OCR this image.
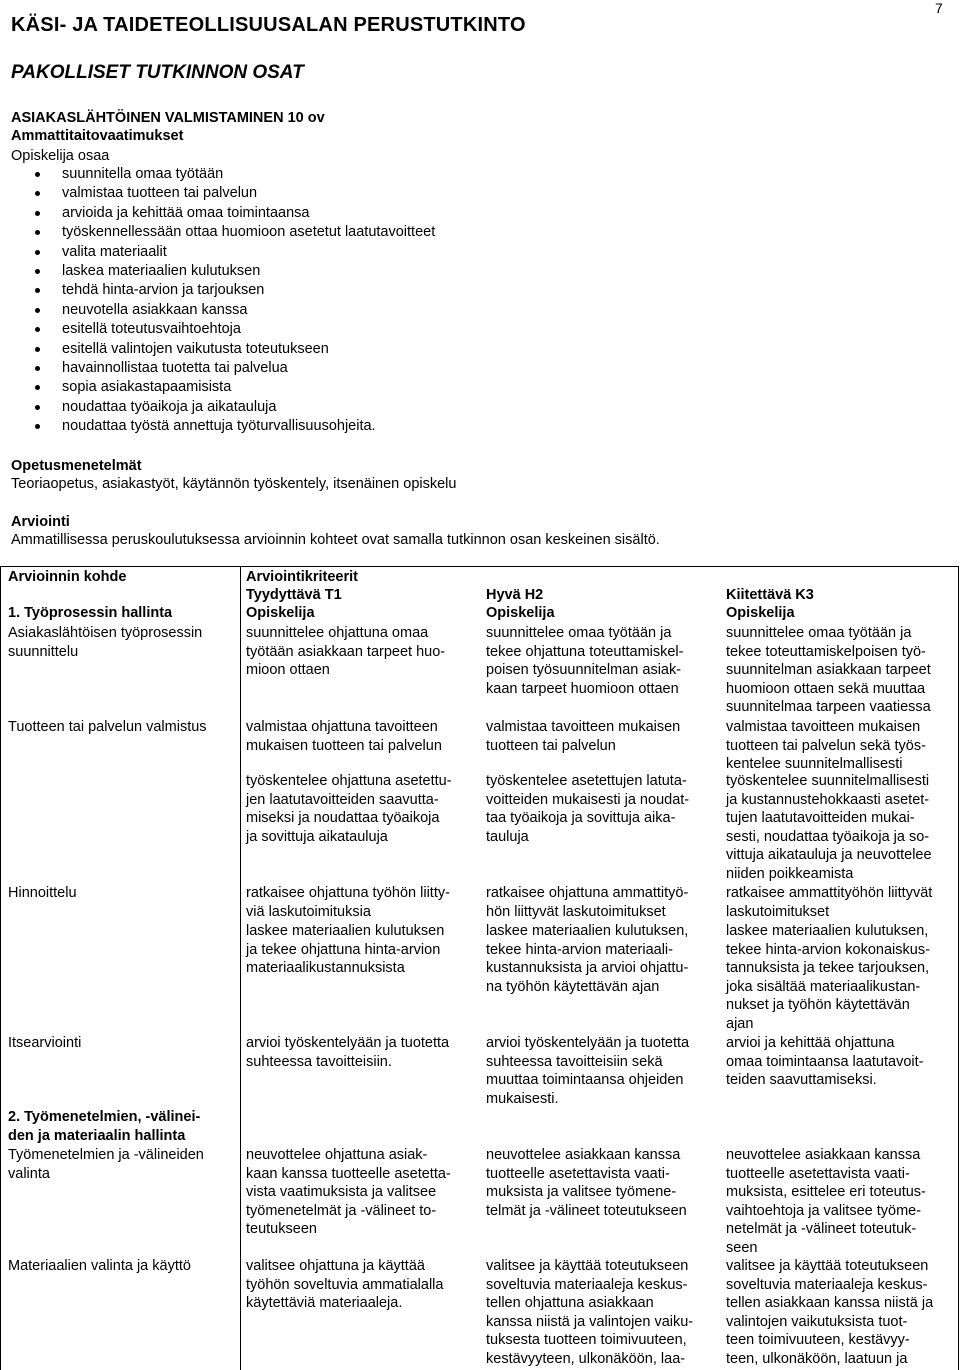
7
KÄSI- JA TAIDETEOLLISUUSALAN PERUSTUTKINTO
PAKOLLISET TUTKINNON OSAT
ASIAKASLÄHTÖINEN VALMISTAMINEN 10 ov
Ammattitaitovaatimukset
Opiskelija osaa
suunnitella omaa työtään
valmistaa tuotteen tai palvelun
arvioida ja kehittää omaa toimintaansa
työskennellessään ottaa huomioon asetetut laatutavoitteet
valita materiaalit
laskea materiaalien kulutuksen
tehdä hinta-arvion ja tarjouksen
neuvotella asiakkaan kanssa
esitellä toteutusvaihtoehtoja
esitellä valintojen vaikutusta toteutukseen
havainnollistaa tuotetta tai palvelua
sopia asiakastapaamisista
noudattaa työaikoja ja aikatauluja
noudattaa työstä annettuja työturvallisuusohjeita.
Opetusmenetelmät
Teoriaopetus, asiakastyöt, käytännön työskentely, itsenäinen opiskelu
Arviointi
Ammatillisessa peruskoulutuksessa arvioinnin kohteet ovat samalla tutkinnon osan keskeinen sisältö.
Arvioinnin kohde	Arviointikriteerit
Tyydyttävä T1
Opiskelija
Hyvä H2
Opiskelija
Kiitettävä K3
Opiskelija
1. Työprosessin hallinta
Asiakaslähtöisen työprosessin
suunnittelu
Tuotteen tai palvelun valmistus
Hinnoittelu
Itsearviointi
2. Työmenetelmien, -välinei-
den ja materiaalin hallinta
Työmenetelmien ja -välineiden
valinta
Materiaalien valinta ja käyttö
suunnittelee ohjattuna omaa
työtään asiakkaan tarpeet huo-
mioon ottaen
valmistaa ohjattuna tavoitteen
mukaisen tuotteen tai palvelun
työskentelee ohjattuna asetettu-
jen laatutavoitteiden saavutta-
miseksi ja noudattaa työaikoja
ja sovittuja aikatauluja
ratkaisee ohjattuna työhön liitty-
viä laskutoimituksia
laskee materiaalien kulutuksen
ja tekee ohjattuna hinta-arvion
materiaalikustannuksista
arvioi työskentelyään ja tuotetta
suhteessa tavoitteisiin.
neuvottelee ohjattuna asiak-
kaan kanssa tuotteelle asetetta-
vista vaatimuksista ja valitsee
työmenetelmät ja -välineet to-
teutukseen
valitsee ohjattuna ja käyttää
työhön soveltuvia ammatialalla
käytettäviä materiaaleja.
suunnittelee omaa työtään ja
tekee ohjattuna toteuttamiskel-
poisen työsuunnitelman asiak-
kaan tarpeet huomioon ottaen
valmistaa tavoitteen mukaisen
tuotteen tai palvelun
työskentelee asetettujen latuta-
voitteiden mukaisesti ja noudat-
taa työaikoja ja sovittuja aika-
tauluja
ratkaisee ohjattuna ammattityö-
hön liittyvät laskutoimitukset
laskee materiaalien kulutuksen,
tekee hinta-arvion materiaali-
kustannuksista ja arvioi ohjattu-
na työhön käytettävän ajan
arvioi työskentelyään ja tuotetta
suhteessa tavoitteisiin sekä
muuttaa toimintaansa ohjeiden
mukaisesti.
neuvottelee asiakkaan kanssa
tuotteelle asetettavista vaati-
muksista ja valitsee työmene-
telmät ja -välineet toteutukseen
valitsee ja käyttää toteutukseen
soveltuvia materiaaleja keskus-
tellen ohjattuna asiakkaan
kanssa niistä ja valintojen vaiku-
tuksesta tuotteen toimivuuteen,
kestävyyteen, ulkonäköön, laa-
suunnittelee omaa työtään ja
tekee toteuttamiskelpoisen työ-
suunnitelman asiakkaan tarpeet
huomioon ottaen sekä muuttaa
suunnitelmaa tarpeen vaatiessa
valmistaa tavoitteen mukaisen
tuotteen tai palvelun sekä työs-
kentelee suunnitelmallisesti
työskentelee suunnitelmallisesti
ja kustannustehokkaasti asetet-
tujen laatutavoitteiden mukai-
sesti, noudattaa työaikoja ja so-
vittuja aikatauluja ja neuvottelee
niiden poikkeamista
ratkaisee ammattityöhön liittyvät
laskutoimitukset
laskee materiaalien kulutuksen,
tekee hinta-arvion kokonaiskus-
tannuksista ja tekee tarjouksen,
joka sisältää materiaalikustan-
nukset ja työhön käytettävän
ajan
arvioi ja kehittää ohjattuna
omaa toimintaansa laatutavoit-
teiden saavuttamiseksi.
neuvottelee asiakkaan kanssa
tuotteelle asetettavista vaati-
muksista, esittelee eri toteutus-
vaihtoehtoja ja valitsee työme-
netelmät ja -välineet toteutuk-
seen
valitsee ja käyttää toteutukseen
soveltuvia materiaaleja keskus-
tellen asiakkaan kanssa niistä ja
valintojen vaikutuksista tuot-
teen toimivuuteen, kestävyy-
teen, ulkonäköön, laatuun ja
